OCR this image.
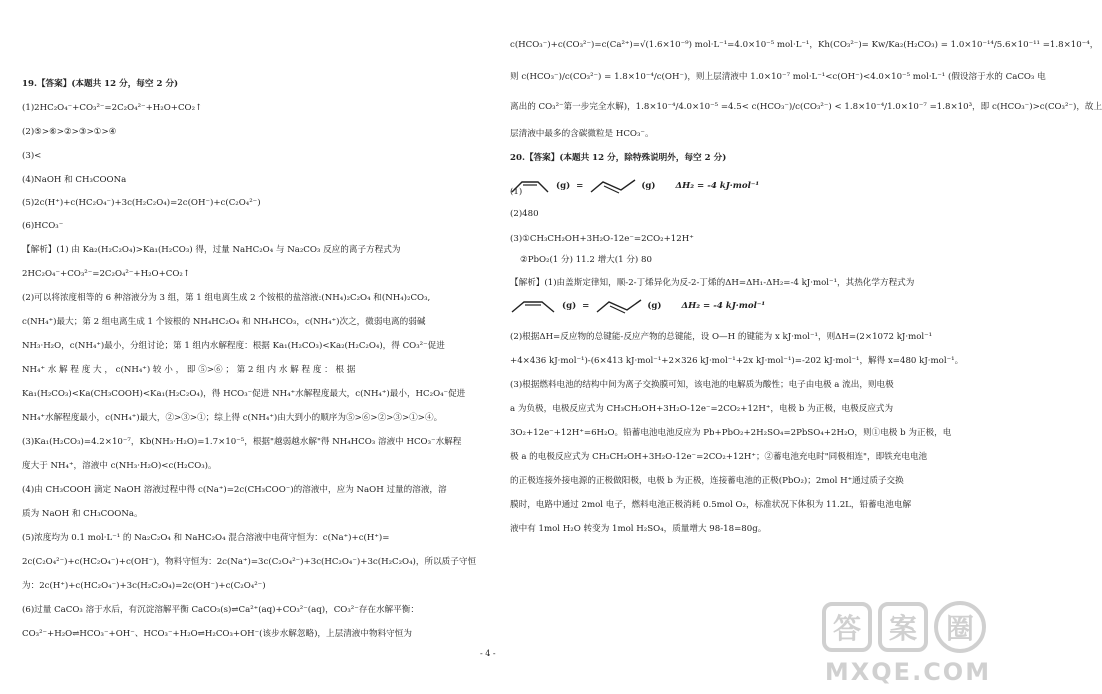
19.【答案】(本题共 12 分，每空 2 分)
(1)2HC₂O₄⁻+CO₃²⁻=2C₂O₄²⁻+H₂O+CO₂↑
(2)⑤>⑥>②>③>①>④
(3)<
(4)NaOH 和 CH₃COONa
(5)2c(H⁺)+c(HC₂O₄⁻)+3c(H₂C₂O₄)=2c(OH⁻)+c(C₂O₄²⁻)
(6)HCO₃⁻
【解析】(1) 由 Ka₂(H₂C₂O₄)>Ka₁(H₂CO₃) 得，过量 NaHC₂O₄ 与 Na₂CO₃ 反应的离子方程式为
2HC₂O₄⁻+CO₃²⁻=2C₂O₄²⁻+H₂O+CO₂↑
(2)可以将浓度相等的 6 种溶液分为 3 组，第 1 组电离生成 2 个铵根的盐溶液:(NH₄)₂C₂O₄ 和(NH₄)₂CO₃,
c(NH₄⁺)最大；第 2 组电离生成 1 个铵根的 NH₄HC₂O₄ 和 NH₄HCO₃，c(NH₄⁺)次之，微弱电离的弱碱
NH₃·H₂O，c(NH₄⁺)最小，分组讨论；第 1 组内水解程度：根据 Ka₁(H₂CO₃)<Ka₂(H₂C₂O₄)，得 CO₃²⁻促进
NH₄⁺ 水 解 程 度 大 ， c(NH₄⁺) 较 小 ， 即 ⑤>⑥ ； 第 2 组 内 水 解 程 度 ： 根 据
Ka₁(H₂CO₃)<Ka(CH₃COOH)<Ka₁(H₂C₂O₄)，得 HCO₃⁻促进 NH₄⁺水解程度最大，c(NH₄⁺)最小，HC₂O₄⁻促进
NH₄⁺水解程度最小，c(NH₄⁺)最大，②>③>①；综上得 c(NH₄⁺)由大到小的顺序为⑤>⑥>②>③>①>④。
(3)Ka₁(H₂CO₃)=4.2×10⁻⁷，Kb(NH₃·H₂O)=1.7×10⁻⁵，根据"越弱越水解"得 NH₄HCO₃ 溶液中 HCO₃⁻水解程
度大于 NH₄⁺，溶液中 c(NH₃·H₂O)<c(H₂CO₃)。
(4)由 CH₃COOH 滴定 NaOH 溶液过程中得 c(Na⁺)=2c(CH₃COO⁻)的溶液中，应为 NaOH 过量的溶液，溶
质为 NaOH 和 CH₃COONa。
(5)浓度均为 0.1 mol·L⁻¹ 的 Na₂C₂O₄ 和 NaHC₂O₄ 混合溶液中电荷守恒为：c(Na⁺)+c(H⁺)=
2c(C₂O₄²⁻)+c(HC₂O₄⁻)+c(OH⁻)，物料守恒为：2c(Na⁺)=3c(C₂O₄²⁻)+3c(HC₂O₄⁻)+3c(H₂C₂O₄)，所以质子守恒
为：2c(H⁺)+c(HC₂O₄⁻)+3c(H₂C₂O₄)=2c(OH⁻)+c(C₂O₄²⁻)
(6)过量 CaCO₃ 溶于水后，有沉淀溶解平衡 CaCO₃(s)⇌Ca²⁺(aq)+CO₃²⁻(aq)，CO₃²⁻存在水解平衡：
CO₃²⁻+H₂O⇌HCO₃⁻+OH⁻、HCO₃⁻+H₂O⇌H₂CO₃+OH⁻(该步水解忽略)，上层清液中物料守恒为
c(HCO₃⁻)+c(CO₃²⁻)=c(Ca²⁺)=√(1.6×10⁻⁹) mol·L⁻¹=4.0×10⁻⁵ mol·L⁻¹，Kh(CO₃²⁻)= Kw/Ka₂(H₂CO₃) = 1.0×10⁻¹⁴/5.6×10⁻¹¹ =1.8×10⁻⁴，
则 c(HCO₃⁻)/c(CO₃²⁻) = 1.8×10⁻⁴/c(OH⁻)，则上层清液中 1.0×10⁻⁷ mol·L⁻¹<c(OH⁻)<4.0×10⁻⁵ mol·L⁻¹ (假设溶于水的 CaCO₃ 电
离出的 CO₃²⁻第一步完全水解)，1.8×10⁻⁴/4.0×10⁻⁵ =4.5< c(HCO₃⁻)/c(CO₃²⁻) < 1.8×10⁻⁴/1.0×10⁻⁷ =1.8×10³，即 c(HCO₃⁻)>c(CO₃²⁻)，故上
层清液中最多的含碳微粒是 HCO₃⁻。
20.【答案】(本题共 12 分，除特殊说明外，每空 2 分)
(g) =	(g) ΔH₂ = -4 kJ·mol⁻¹
(1)
(2)480
(3)①CH₃CH₂OH+3H₂O-12e⁻=2CO₂+12H⁺
②PbO₂(1 分) 11.2 增大(1 分) 80
【解析】(1)由盖斯定律知，顺-2-丁烯异化为反-2-丁烯的ΔH=ΔH₁-ΔH₂=-4 kJ·mol⁻¹，其热化学方程式为
(g) =	(g) ΔH₂ = -4 kJ·mol⁻¹
(2)根据ΔH=反应物的总键能-反应产物的总键能，设 O—H 的键能为 x kJ·mol⁻¹，则ΔH=(2×1072 kJ·mol⁻¹
+4×436 kJ·mol⁻¹)-(6×413 kJ·mol⁻¹+2×326 kJ·mol⁻¹+2x kJ·mol⁻¹)=-202 kJ·mol⁻¹，解得 x=480 kJ·mol⁻¹。
(3)根据燃料电池的结构中间为离子交换膜可知，该电池的电解质为酸性；电子由电极 a 流出，则电极
a 为负极，电极反应式为 CH₃CH₂OH+3H₂O-12e⁻=2CO₂+12H⁺，电极 b 为正极，电极反应式为
3O₂+12e⁻+12H⁺=6H₂O。铅蓄电池电池反应为 Pb+PbO₂+2H₂SO₄=2PbSO₄+2H₂O，则①电极 b 为正极，电
极 a 的电极反应式为 CH₃CH₂OH+3H₂O-12e⁻=2CO₂+12H⁺；②蓄电池充电时"同极相连"，即铁充电电池
的正极连接外接电源的正极做阳极，电极 b 为正极，连接蓄电池的正极(PbO₂)；2mol H⁺通过质子交换
膜时，电路中通过 2mol 电子，燃料电池正极消耗 0.5mol O₂，标准状况下体积为 11.2L，铅蓄电池电解
液中有 1mol H₂O 转变为 1mol H₂SO₄，质量增大 98-18=80g。
- 4 -
答 案 圈
MXQE.COM
